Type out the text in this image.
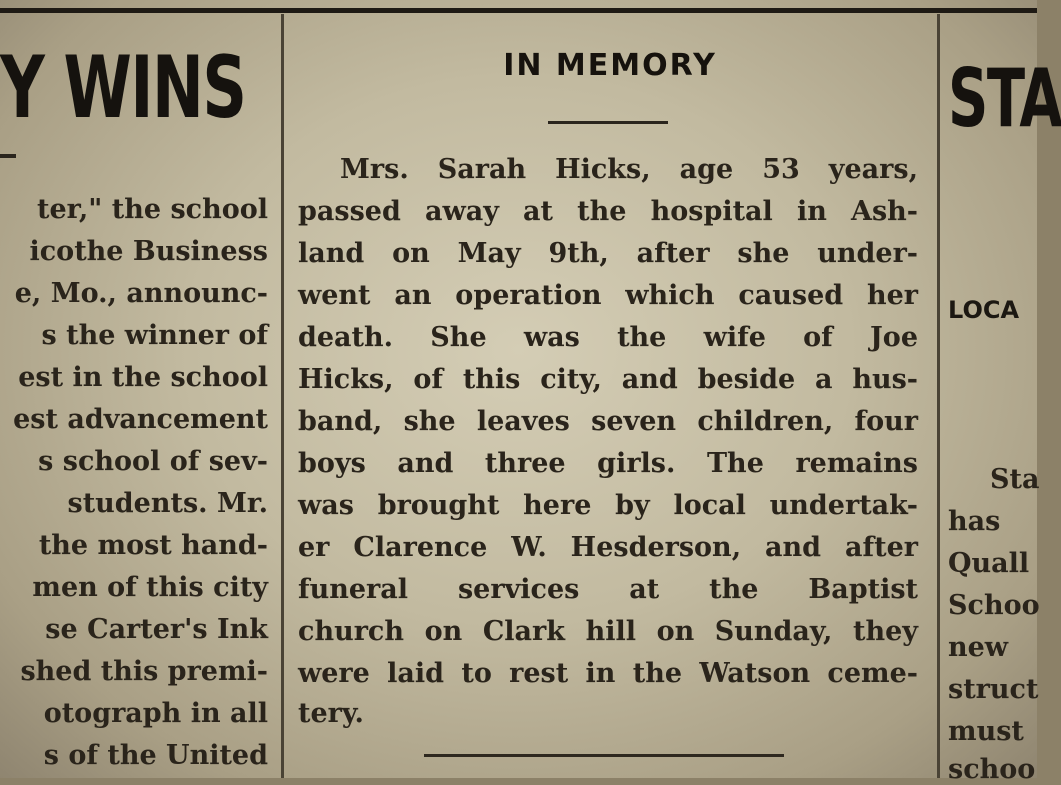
Y WINS	STA
LOCA
IN MEMORY
Mrs. Sarah Hicks, age 53 years,
passed away at the hospital in Ash-
land on May 9th, after she under-
went an operation which caused her
death. She was the wife of Joe
Hicks, of this city, and beside a hus-
band, she leaves seven children, four
boys and three girls. The remains
was brought here by local undertak-
er Clarence W. Hesderson, and after
funeral services at the Baptist
church on Clark hill on Sunday, they
were laid to rest in the Watson ceme-
tery.
ter," the school
icothe Business
e, Mo., announc-
s the winner of
est in the school
est advancement
s school of sev-
students. Mr.
the most hand-
men of this city
se Carter's Ink
shed this premi-
otograph in all
s of the United
Sta
has
Quall
Schoo
new
struct
must
schoo
